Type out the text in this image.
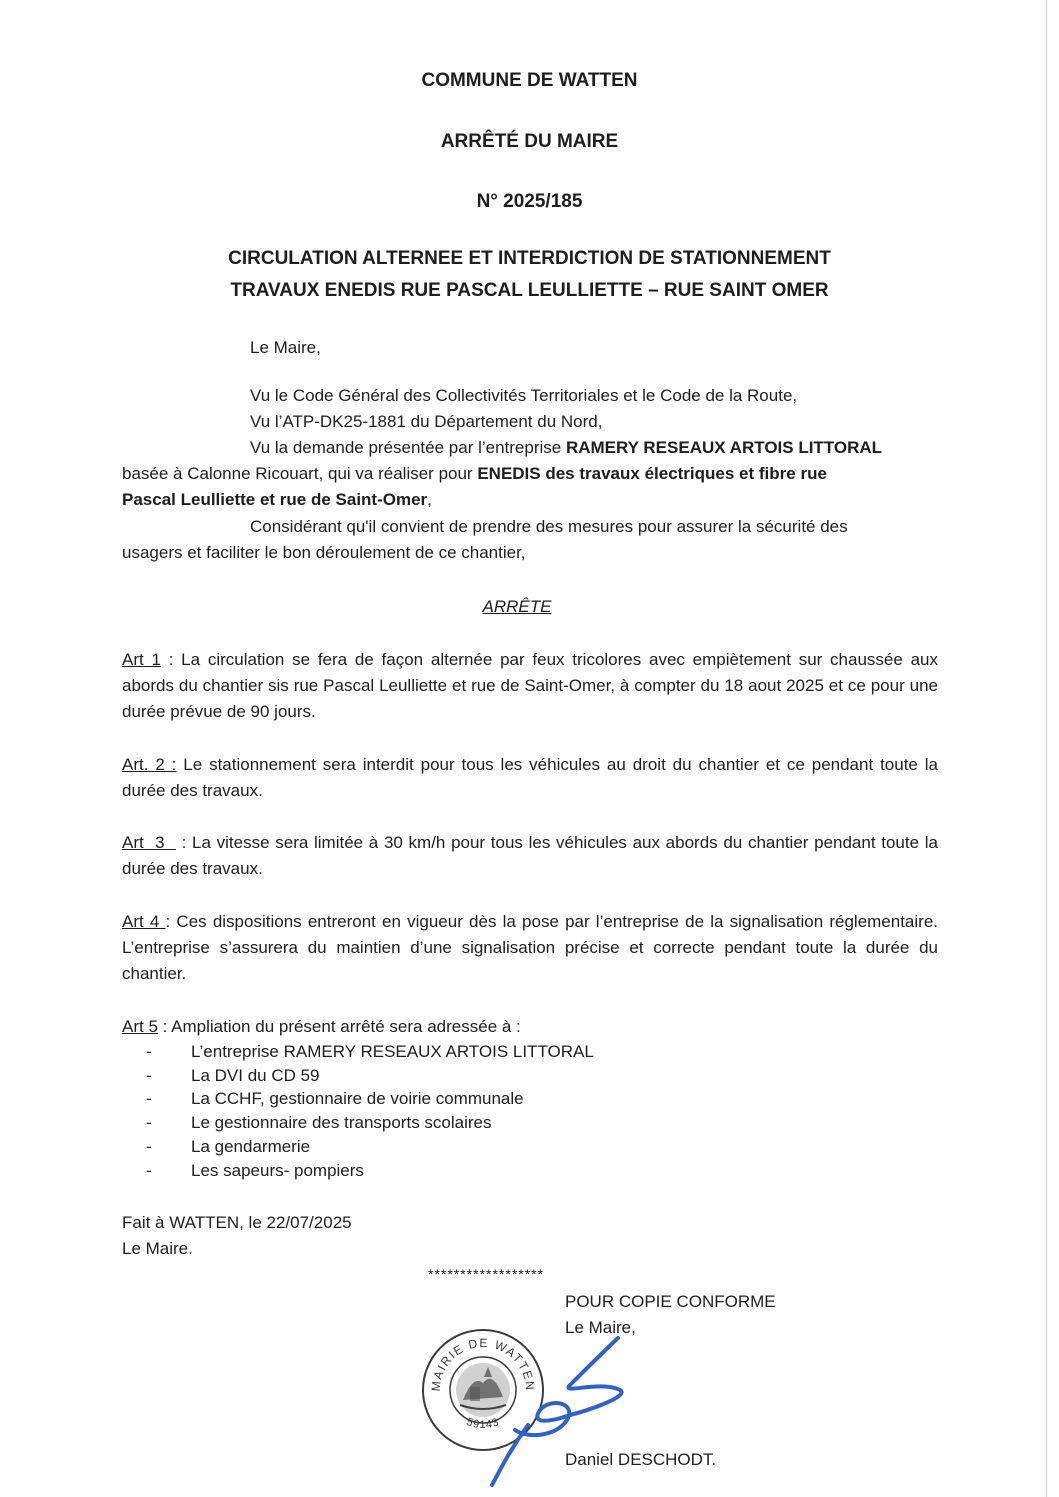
COMMUNE DE WATTEN
ARRÊTÉ DU MAIRE
N° 2025/185
CIRCULATION ALTERNEE ET INTERDICTION DE STATIONNEMENT
TRAVAUX ENEDIS RUE PASCAL LEULLIETTE – RUE SAINT OMER
Le Maire,
Vu le Code Général des Collectivités Territoriales et le Code de la Route,
Vu l’ATP-DK25-1881 du Département du Nord,
Vu la demande présentée par l’entreprise RAMERY RESEAUX ARTOIS LITTORAL
basée à Calonne Ricouart, qui va réaliser pour ENEDIS des travaux électriques et fibre rue
Pascal Leulliette et rue de Saint-Omer,
Considérant qu'il convient de prendre des mesures pour assurer la sécurité des
usagers et faciliter le bon déroulement de ce chantier,
ARRÊTE
Art 1 : La circulation se fera de façon alternée par feux tricolores avec empiètement sur chaussée aux abords du chantier sis rue Pascal Leulliette et rue de Saint-Omer, à compter du 18 aout 2025 et ce pour une durée prévue de 90 jours.
Art. 2 : Le stationnement sera interdit pour tous les véhicules au droit du chantier et ce pendant toute la durée des travaux.
Art  3   : La vitesse sera limitée à 30 km/h pour tous les véhicules aux abords du chantier pendant toute la durée des travaux.
Art 4 : Ces dispositions entreront en vigueur dès la pose par l’entreprise de la signalisation réglementaire. L’entreprise s’assurera du maintien d’une signalisation précise et correcte pendant toute la durée du chantier.
Art 5 : Ampliation du présent arrêté sera adressée à :
- L’entreprise RAMERY RESEAUX ARTOIS LITTORAL
- La DVI du CD 59
- La CCHF, gestionnaire de voirie communale
- Le gestionnaire des transports scolaires
- La gendarmerie
- Les sapeurs- pompiers
Fait à WATTEN, le 22/07/2025
Le Maire.
******************
POUR COPIE CONFORME
Le Maire,
Daniel DESCHODT.
MAIRIE DE WATTEN
59143
